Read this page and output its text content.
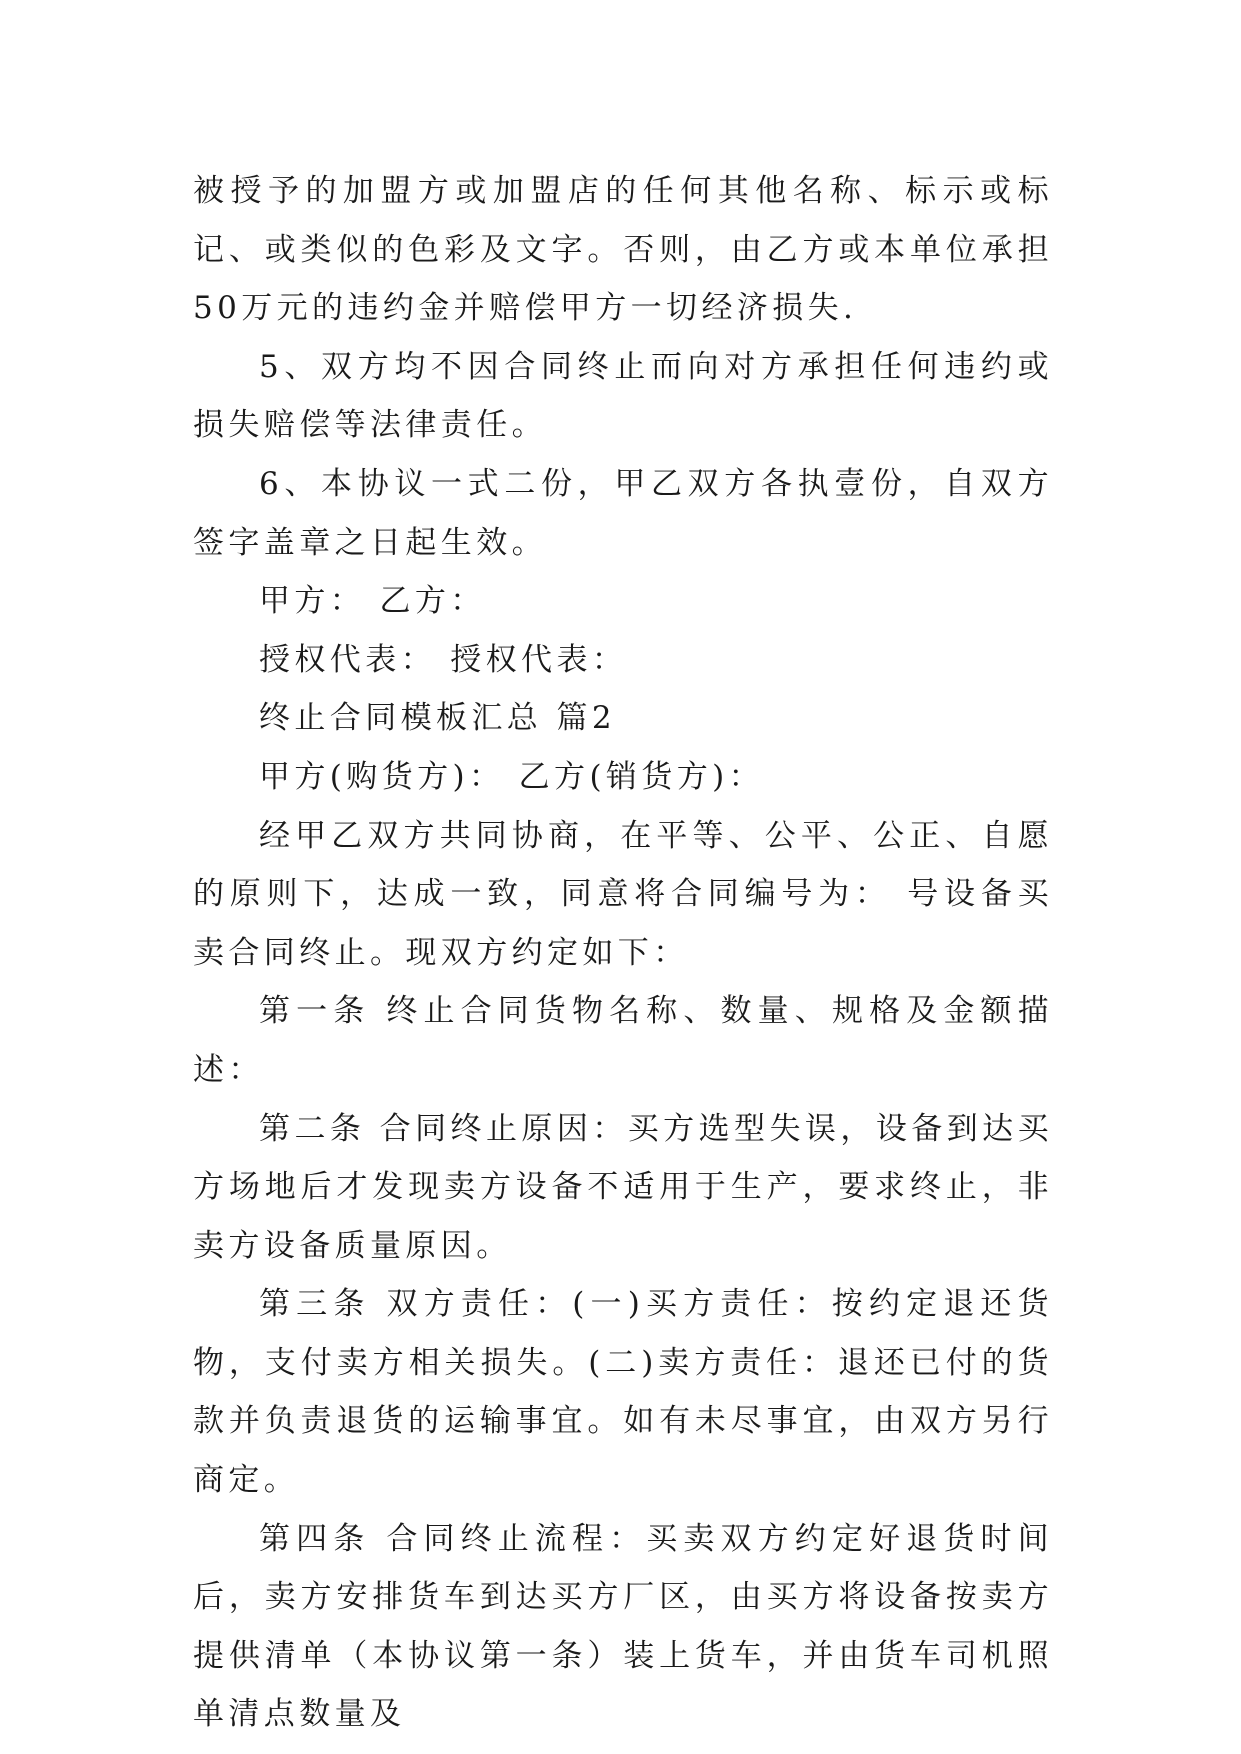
被授予的加盟方或加盟店的任何其他名称、标示或标记、或类似的色彩及文字。否则，由乙方或本单位承担50万元的违约金并赔偿甲方一切经济损失.

5、双方均不因合同终止而向对方承担任何违约或损失赔偿等法律责任。

6、本协议一式二份，甲乙双方各执壹份，自双方签字盖章之日起生效。

甲方： 乙方：

授权代表： 授权代表：

终止合同模板汇总 篇2

甲方(购货方)： 乙方(销货方)：

经甲乙双方共同协商，在平等、公平、公正、自愿的原则下，达成一致，同意将合同编号为： 号设备买卖合同终止。现双方约定如下：

第一条 终止合同货物名称、数量、规格及金额描述：

第二条 合同终止原因：买方选型失误，设备到达买方场地后才发现卖方设备不适用于生产，要求终止，非卖方设备质量原因。

第三条 双方责任：(一)买方责任：按约定退还货物，支付卖方相关损失。(二)卖方责任：退还已付的货款并负责退货的运输事宜。如有未尽事宜，由双方另行商定。

第四条 合同终止流程：买卖双方约定好退货时间后，卖方安排货车到达买方厂区，由买方将设备按卖方提供清单（本协议第一条）装上货车，并由货车司机照单清点数量及
